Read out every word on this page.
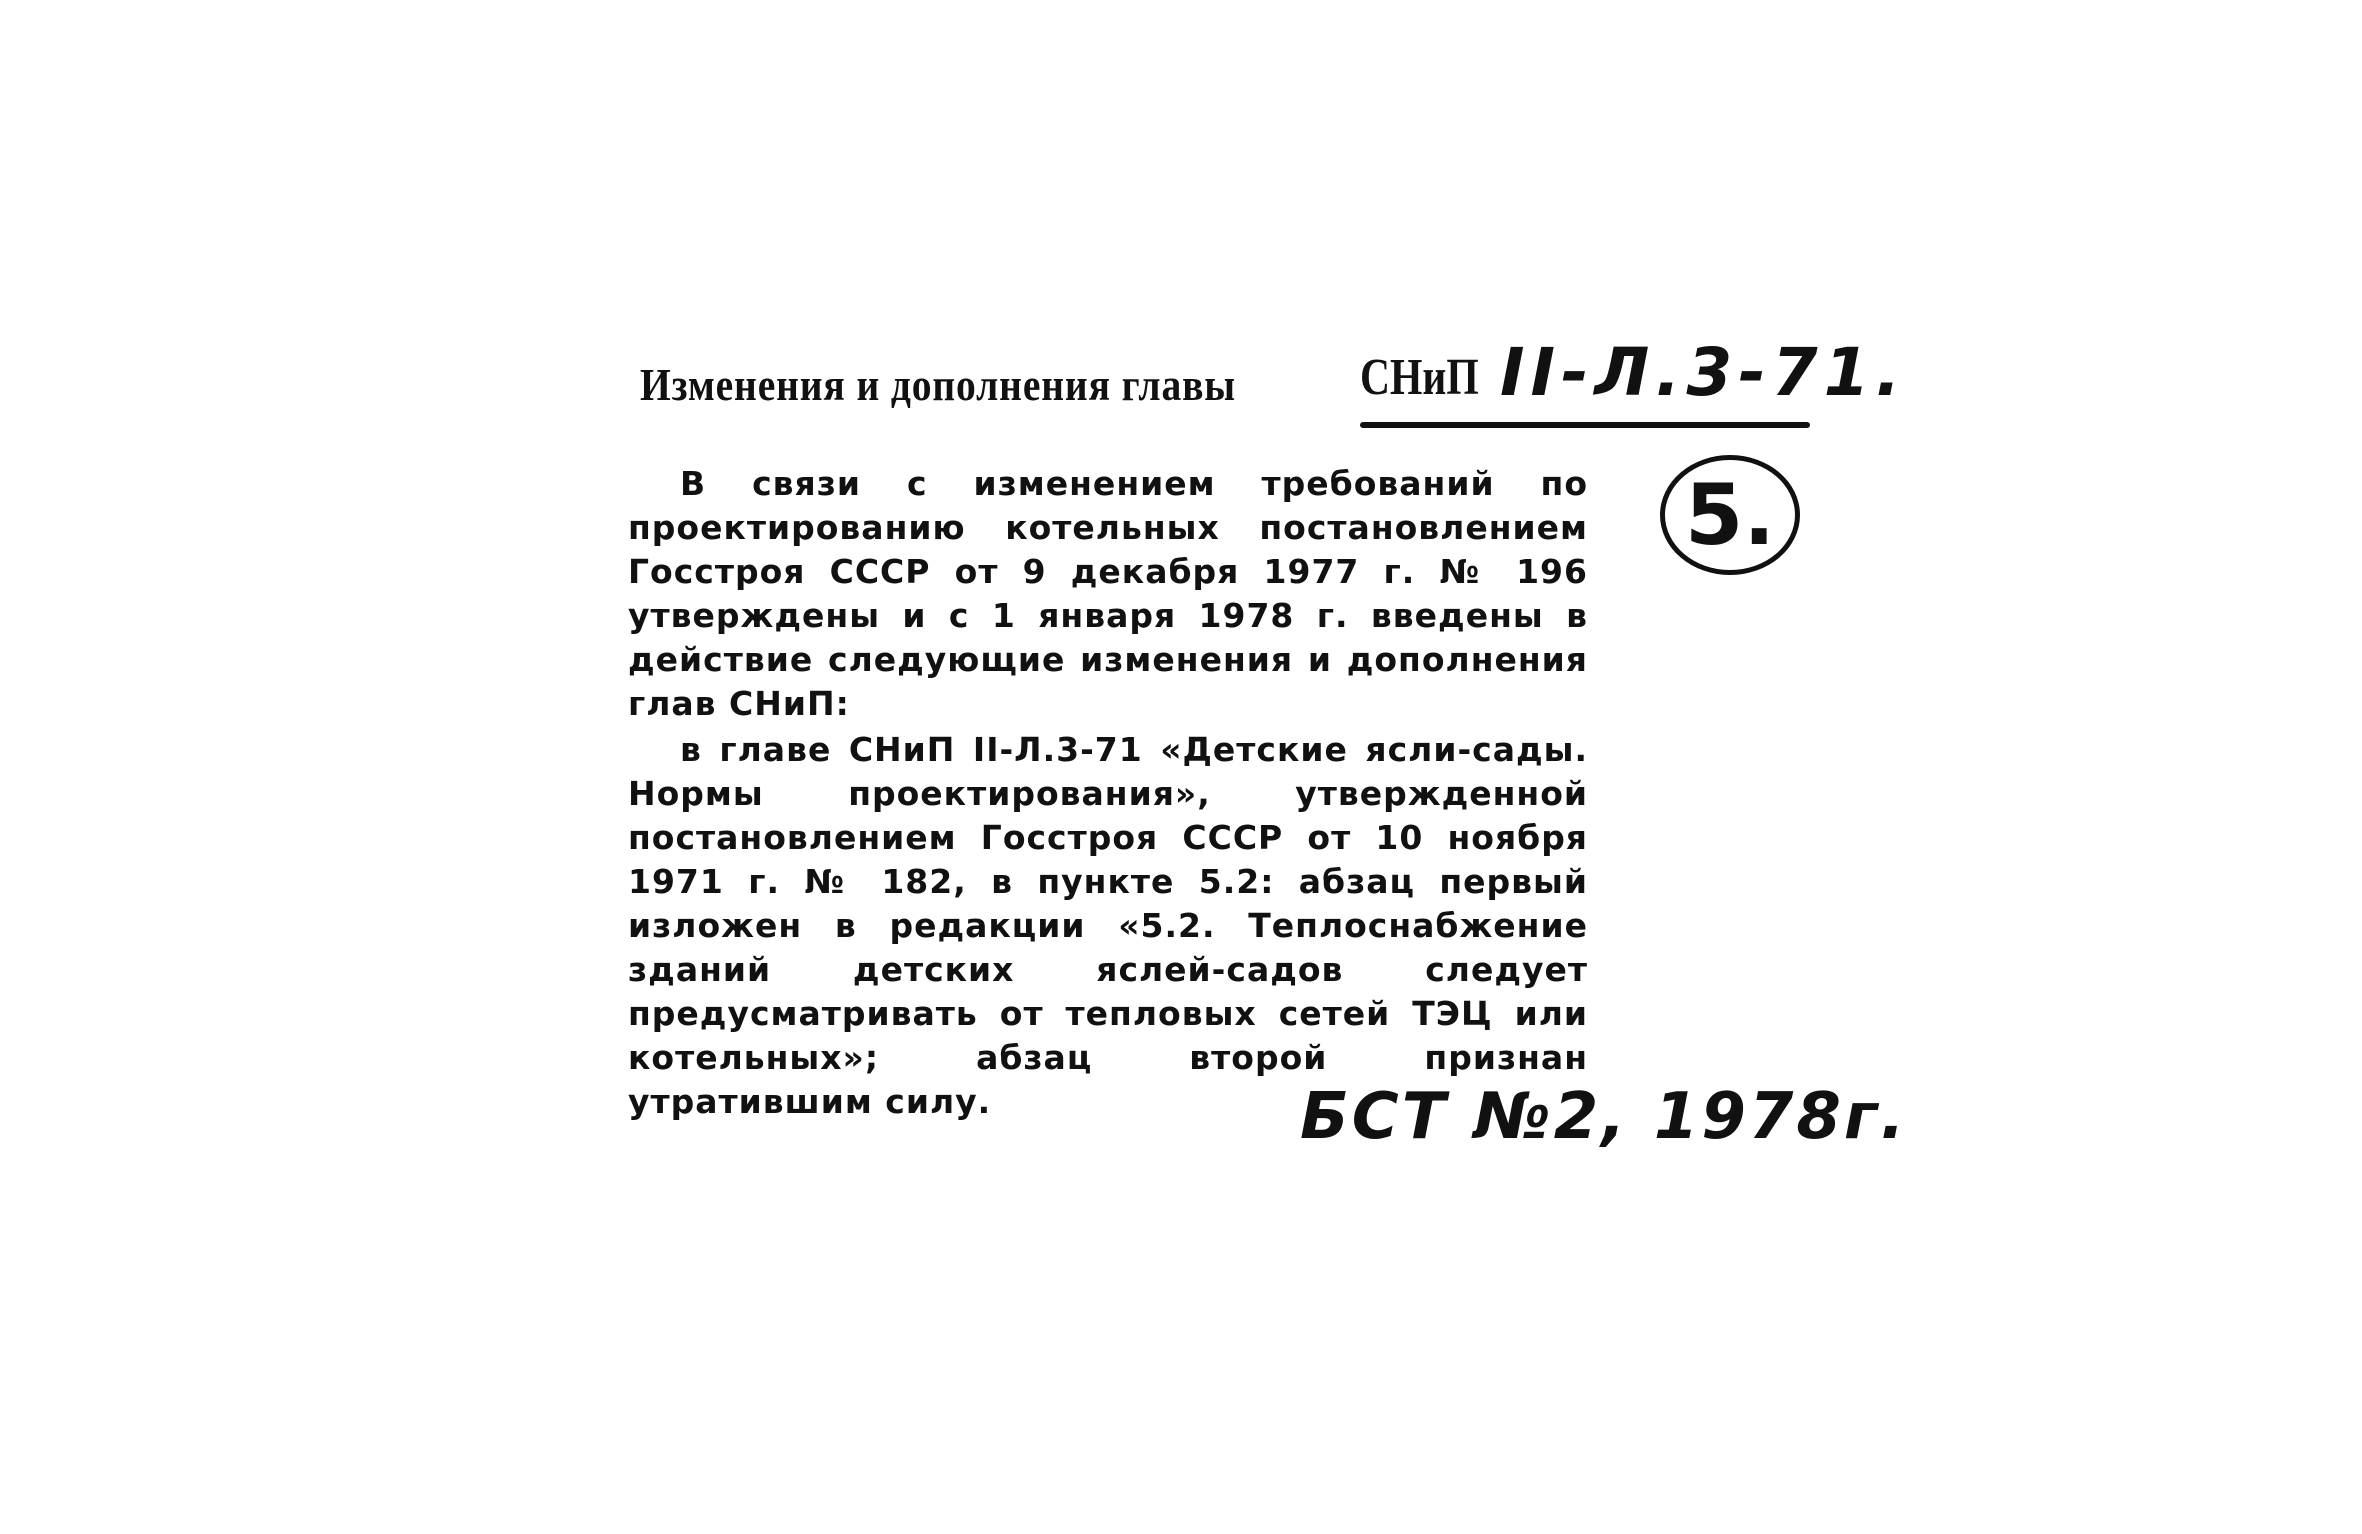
Изменения и дополнения главы СНиП II-Л.3-71.
5.

В связи с изменением требований по проектированию котельных постановлением Госстроя СССР от 9 декабря 1977 г. № 196 утверждены и с 1 января 1978 г. введены в действие следующие изменения и дополнения глав СНиП:

в главе СНиП II-Л.3-71 «Детские ясли-сады. Нормы проектирования», утвержденной постановлением Госстроя СССР от 10 ноября 1971 г. № 182, в пункте 5.2: абзац первый изложен в редакции «5.2. Теплоснабжение зданий детских яслей-садов следует предусматривать от тепловых сетей ТЭЦ или котельных»; абзац второй признан утратившим силу.	БСТ №2, 1978г.
